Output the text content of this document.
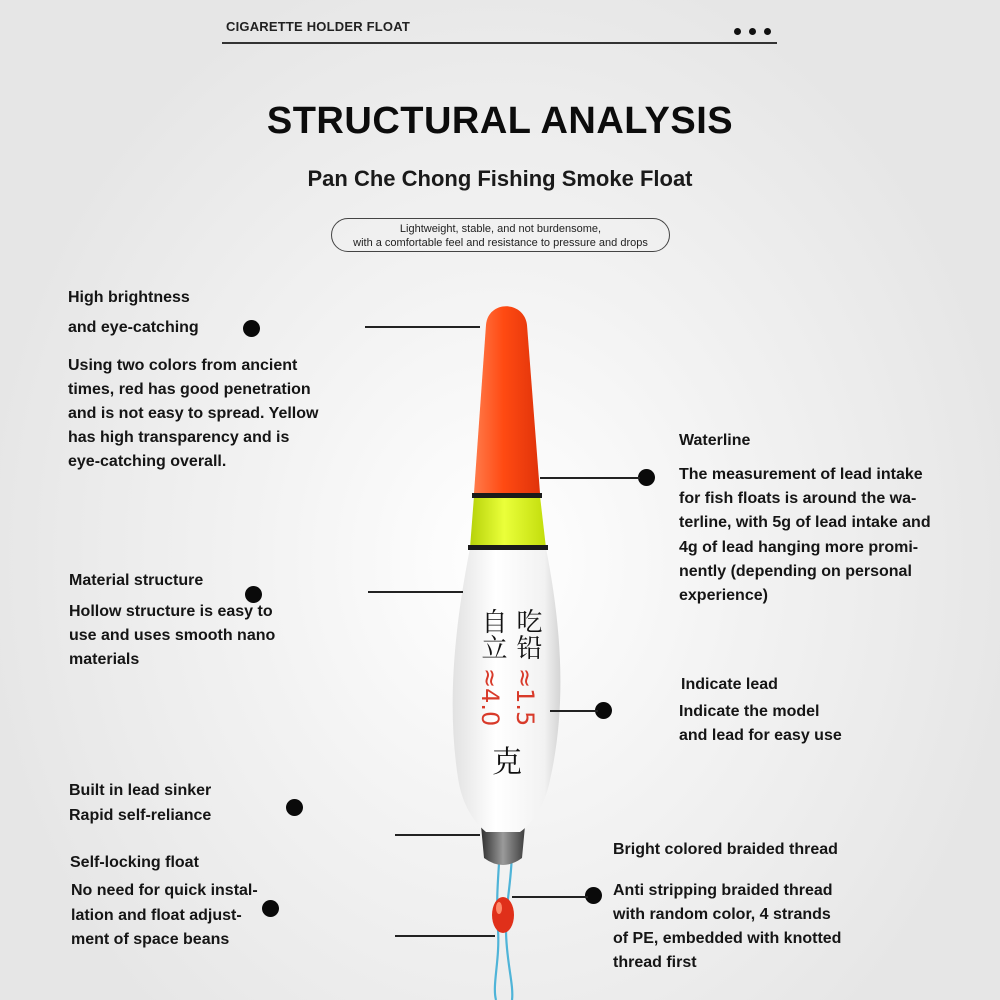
CIGARETTE HOLDER FLOAT
STRUCTURAL ANALYSIS
Pan Che Chong Fishing Smoke Float
Lightweight, stable, and not burdensome,
with a comfortable feel and resistance to pressure and drops
吃铅
自立
≈1.5
≈4.0
克
High brightness
and eye-catching
Using two colors from ancient
times, red has good penetration
and is not easy to spread. Yellow
has high transparency and is
eye-catching overall.
Waterline
The measurement of lead intake
for fish floats is around the wa-
terline, with 5g of lead intake and
4g of lead hanging more promi-
nently (depending on personal
experience)
Material structure
Hollow structure is easy to
use and uses smooth nano
materials
Indicate lead
Indicate the model
and lead for easy use
Built in lead sinker
Rapid self-reliance
Self-locking float
No need for quick instal-
lation and float adjust-
ment of space beans
Bright colored braided thread
Anti stripping braided thread
with random color, 4 strands
of PE, embedded with knotted
thread first
